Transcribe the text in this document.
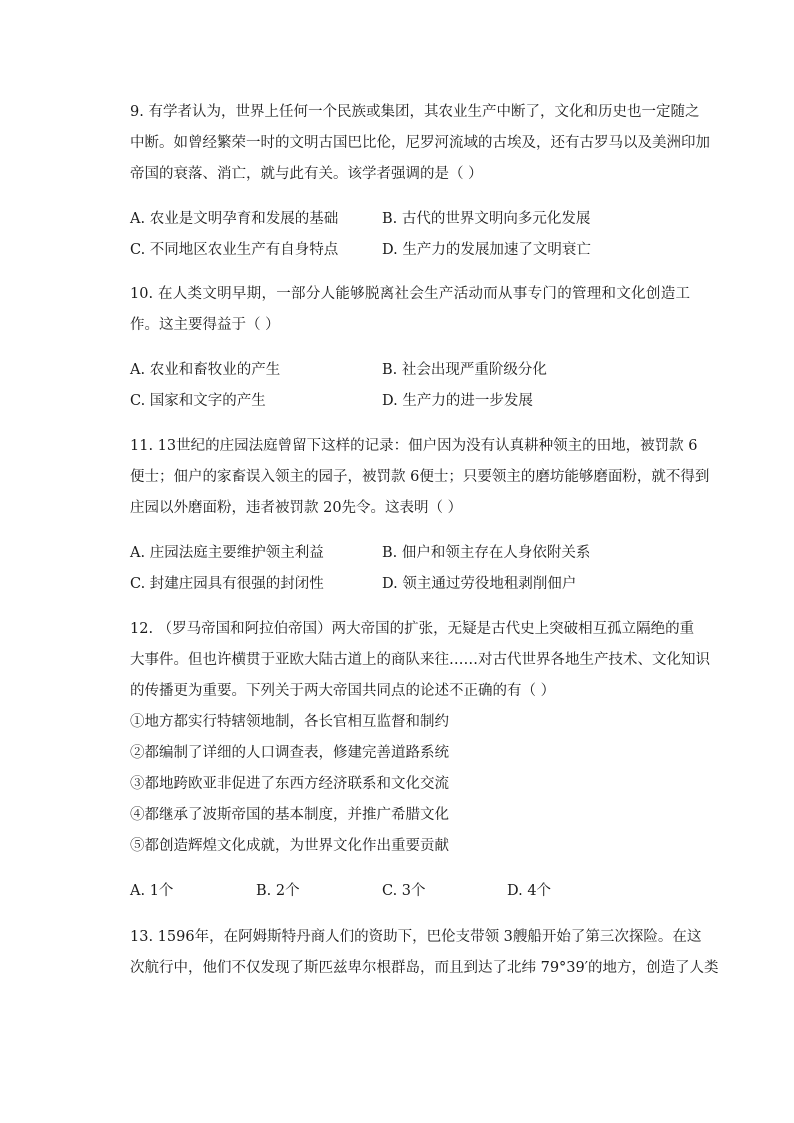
9. 有学者认为，世界上任何一个民族或集团，其农业生产中断了，文化和历史也一定随之
中断。如曾经繁荣一时的文明古国巴比伦，尼罗河流域的古埃及，还有古罗马以及美洲印加
帝国的衰落、消亡，就与此有关。该学者强调的是（ ）
A. 农业是文明孕育和发展的基础	B. 古代的世界文明向多元化发展
C. 不同地区农业生产有自身特点	D. 生产力的发展加速了文明衰亡
10. 在人类文明早期，一部分人能够脱离社会生产活动而从事专门的管理和文化创造工
作。这主要得益于（ ）
A. 农业和畜牧业的产生	B. 社会出现严重阶级分化
C. 国家和文字的产生	D. 生产力的进一步发展
11. 13世纪的庄园法庭曾留下这样的记录：佃户因为没有认真耕种领主的田地，被罚款 6
便士；佃户的家畜误入领主的园子，被罚款 6便士；只要领主的磨坊能够磨面粉，就不得到
庄园以外磨面粉，违者被罚款 20先令。这表明（ ）
A. 庄园法庭主要维护领主利益	B. 佃户和领主存在人身依附关系
C. 封建庄园具有很强的封闭性	D. 领主通过劳役地租剥削佃户
12. （罗马帝国和阿拉伯帝国）两大帝国的扩张，无疑是古代史上突破相互孤立隔绝的重
大事件。但也许横贯于亚欧大陆古道上的商队来往……对古代世界各地生产技术、文化知识
的传播更为重要。下列关于两大帝国共同点的论述不正确的有（ ）
①地方都实行特辖领地制，各长官相互监督和制约
②都编制了详细的人口调查表，修建完善道路系统
③都地跨欧亚非促进了东西方经济联系和文化交流
④都继承了波斯帝国的基本制度，并推广希腊文化
⑤都创造辉煌文化成就，为世界文化作出重要贡献
A. 1个	B. 2个	C. 3个	D. 4个
13. 1596年，在阿姆斯特丹商人们的资助下，巴伦支带领 3艘船开始了第三次探险。在这
次航行中，他们不仅发现了斯匹兹卑尔根群岛，而且到达了北纬 79°39′的地方，创造了人类
